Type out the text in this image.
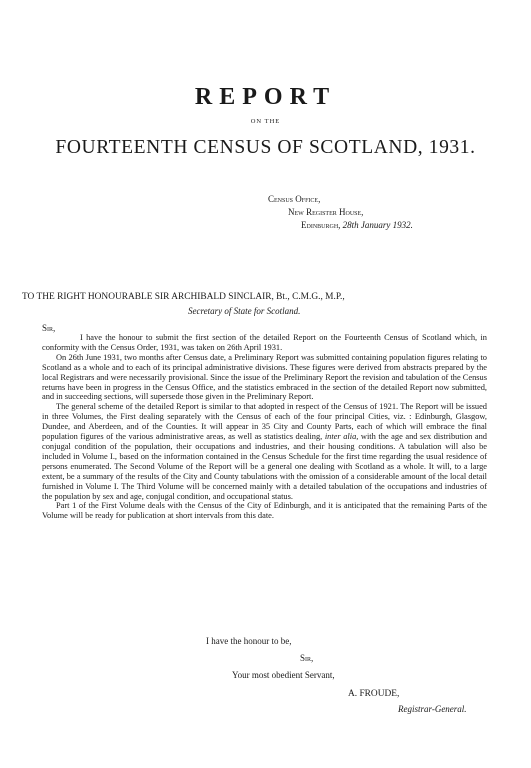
REPORT
ON THE
FOURTEENTH CENSUS OF SCOTLAND, 1931.
Census Office,
New Register House,
Edinburgh, 28th January 1932.
TO THE RIGHT HONOURABLE SIR ARCHIBALD SINCLAIR, Bt., C.M.G., M.P.,
Secretary of State for Scotland.
Sir,

I have the honour to submit the first section of the detailed Report on the Fourteenth Census of Scotland which, in conformity with the Census Order, 1931, was taken on 26th April 1931.

On 26th June 1931, two months after Census date, a Preliminary Report was submitted containing population figures relating to Scotland as a whole and to each of its principal administrative divisions. These figures were derived from abstracts prepared by the local Registrars and were necessarily provisional. Since the issue of the Preliminary Report the revision and tabulation of the Census returns have been in progress in the Census Office, and the statistics embraced in the section of the detailed Report now submitted, and in succeeding sections, will supersede those given in the Preliminary Report.

The general scheme of the detailed Report is similar to that adopted in respect of the Census of 1921. The Report will be issued in three Volumes, the First dealing separately with the Census of each of the four principal Cities, viz. : Edinburgh, Glasgow, Dundee, and Aberdeen, and of the Counties. It will appear in 35 City and County Parts, each of which will embrace the final population figures of the various administrative areas, as well as statistics dealing, inter alia, with the age and sex distribution and conjugal condition of the population, their occupations and industries, and their housing conditions. A tabulation will also be included in Volume I., based on the information contained in the Census Schedule for the first time regarding the usual residence of persons enumerated. The Second Volume of the Report will be a general one dealing with Scotland as a whole. It will, to a large extent, be a summary of the results of the City and County tabulations with the omission of a considerable amount of the local detail furnished in Volume I. The Third Volume will be concerned mainly with a detailed tabulation of the occupations and industries of the population by sex and age, conjugal condition, and occupational status.

Part 1 of the First Volume deals with the Census of the City of Edinburgh, and it is anticipated that the remaining Parts of the Volume will be ready for publication at short intervals from this date.

I have the honour to be,
Sir,
Your most obedient Servant,
A. FROUDE,
Registrar-General.
